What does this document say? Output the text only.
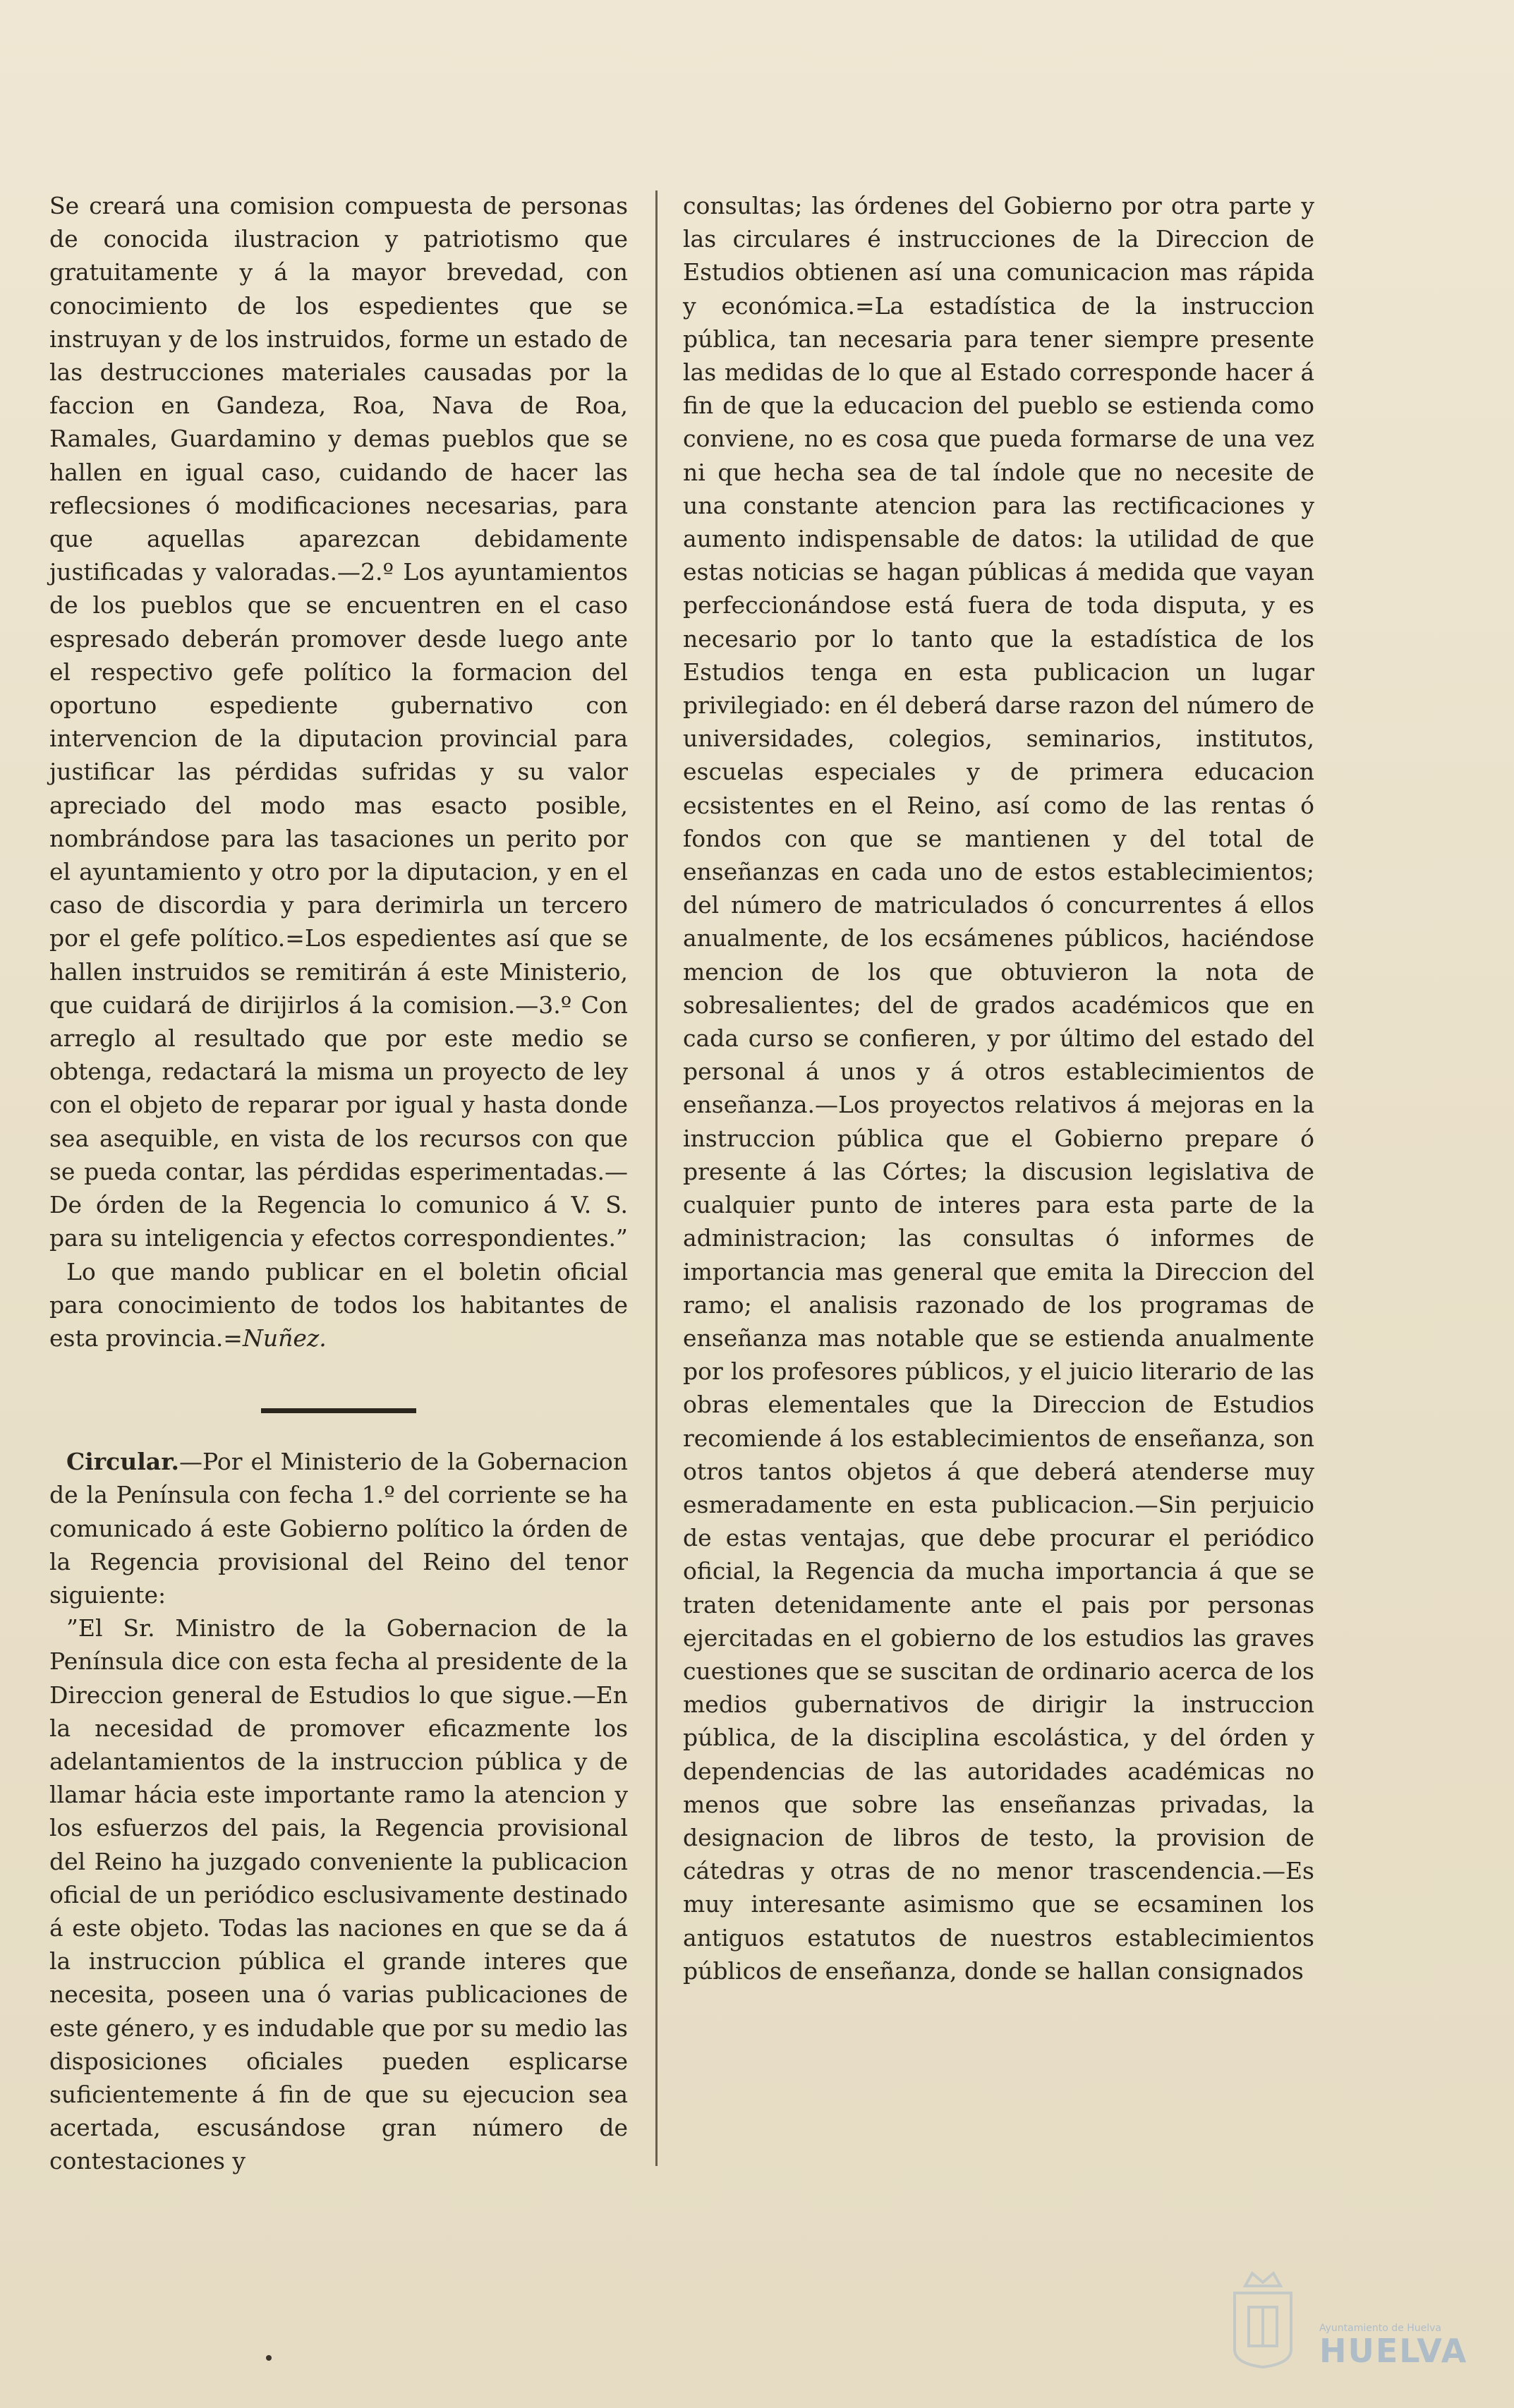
Se creará una comision compuesta de personas de conocida ilustracion y patriotismo que gratuitamente y á la mayor brevedad, con conocimiento de los espedientes que se instruyan y de los instruidos, forme un estado de las destrucciones materiales causadas por la faccion en Gandeza, Roa, Nava de Roa, Ramales, Guardamino y demas pueblos que se hallen en igual caso, cuidando de hacer las reflecsiones ó modificaciones necesarias, para que aquellas aparezcan debidamente justificadas y valoradas.—2.º Los ayuntamientos de los pueblos que se encuentren en el caso espresado deberán promover desde luego ante el respectivo gefe político la formacion del oportuno espediente gubernativo con intervencion de la diputacion provincial para justificar las pérdidas sufridas y su valor apreciado del modo mas esacto posible, nombrándose para las tasaciones un perito por el ayuntamiento y otro por la diputacion, y en el caso de discordia y para derimirla un tercero por el gefe político.=Los espedientes así que se hallen instruidos se remitirán á este Ministerio, que cuidará de dirijirlos á la comision.—3.º Con arreglo al resultado que por este medio se obtenga, redactará la misma un proyecto de ley con el objeto de reparar por igual y hasta donde sea asequible, en vista de los recursos con que se pueda contar, las pérdidas esperimentadas.—De órden de la Regencia lo comunico á V. S. para su inteligencia y efectos correspondientes.”

Lo que mando publicar en el boletin oficial para conocimiento de todos los habitantes de esta provincia.=Nuñez.

Circular.—Por el Ministerio de la Gobernacion de la Península con fecha 1.º del corriente se ha comunicado á este Gobierno político la órden de la Regencia provisional del Reino del tenor siguiente:

”El Sr. Ministro de la Gobernacion de la Península dice con esta fecha al presidente de la Direccion general de Estudios lo que sigue.—En la necesidad de promover eficazmente los adelantamientos de la instruccion pública y de llamar hácia este importante ramo la atencion y los esfuerzos del pais, la Regencia provisional del Reino ha juzgado conveniente la publicacion oficial de un periódico esclusivamente destinado á este objeto. Todas las naciones en que se da á la instruccion pública el grande interes que necesita, poseen una ó varias publicaciones de este género, y es indudable que por su medio las disposiciones oficiales pueden esplicarse suficientemente á fin de que su ejecucion sea acertada, escusándose gran número de contestaciones y

consultas; las órdenes del Gobierno por otra parte y las circulares é instrucciones de la Direccion de Estudios obtienen así una comunicacion mas rápida y económica.=La estadística de la instruccion pública, tan necesaria para tener siempre presente las medidas de lo que al Estado corresponde hacer á fin de que la educacion del pueblo se estienda como conviene, no es cosa que pueda formarse de una vez ni que hecha sea de tal índole que no necesite de una constante atencion para las rectificaciones y aumento indispensable de datos: la utilidad de que estas noticias se hagan públicas á medida que vayan perfeccionándose está fuera de toda disputa, y es necesario por lo tanto que la estadística de los Estudios tenga en esta publicacion un lugar privilegiado: en él deberá darse razon del número de universidades, colegios, seminarios, institutos, escuelas especiales y de primera educacion ecsistentes en el Reino, así como de las rentas ó fondos con que se mantienen y del total de enseñanzas en cada uno de estos establecimientos; del número de matriculados ó concurrentes á ellos anualmente, de los ecsámenes públicos, haciéndose mencion de los que obtuvieron la nota de sobresalientes; del de grados académicos que en cada curso se confieren, y por último del estado del personal á unos y á otros establecimientos de enseñanza.—Los proyectos relativos á mejoras en la instruccion pública que el Gobierno prepare ó presente á las Córtes; la discusion legislativa de cualquier punto de interes para esta parte de la administracion; las consultas ó informes de importancia mas general que emita la Direccion del ramo; el analisis razonado de los programas de enseñanza mas notable que se estienda anualmente por los profesores públicos, y el juicio literario de las obras elementales que la Direccion de Estudios recomiende á los establecimientos de enseñanza, son otros tantos objetos á que deberá atenderse muy esmeradamente en esta publicacion.—Sin perjuicio de estas ventajas, que debe procurar el periódico oficial, la Regencia da mucha importancia á que se traten detenidamente ante el pais por personas ejercitadas en el gobierno de los estudios las graves cuestiones que se suscitan de ordinario acerca de los medios gubernativos de dirigir la instruccion pública, de la disciplina escolástica, y del órden y dependencias de las autoridades académicas no menos que sobre las enseñanzas privadas, la designacion de libros de testo, la provision de cátedras y otras de no menor trascendencia.—Es muy interesante asimismo que se ecsaminen los antiguos estatutos de nuestros establecimientos públicos de enseñanza, donde se hallan consignados

Ayuntamiento de Huelva
HUELVA
